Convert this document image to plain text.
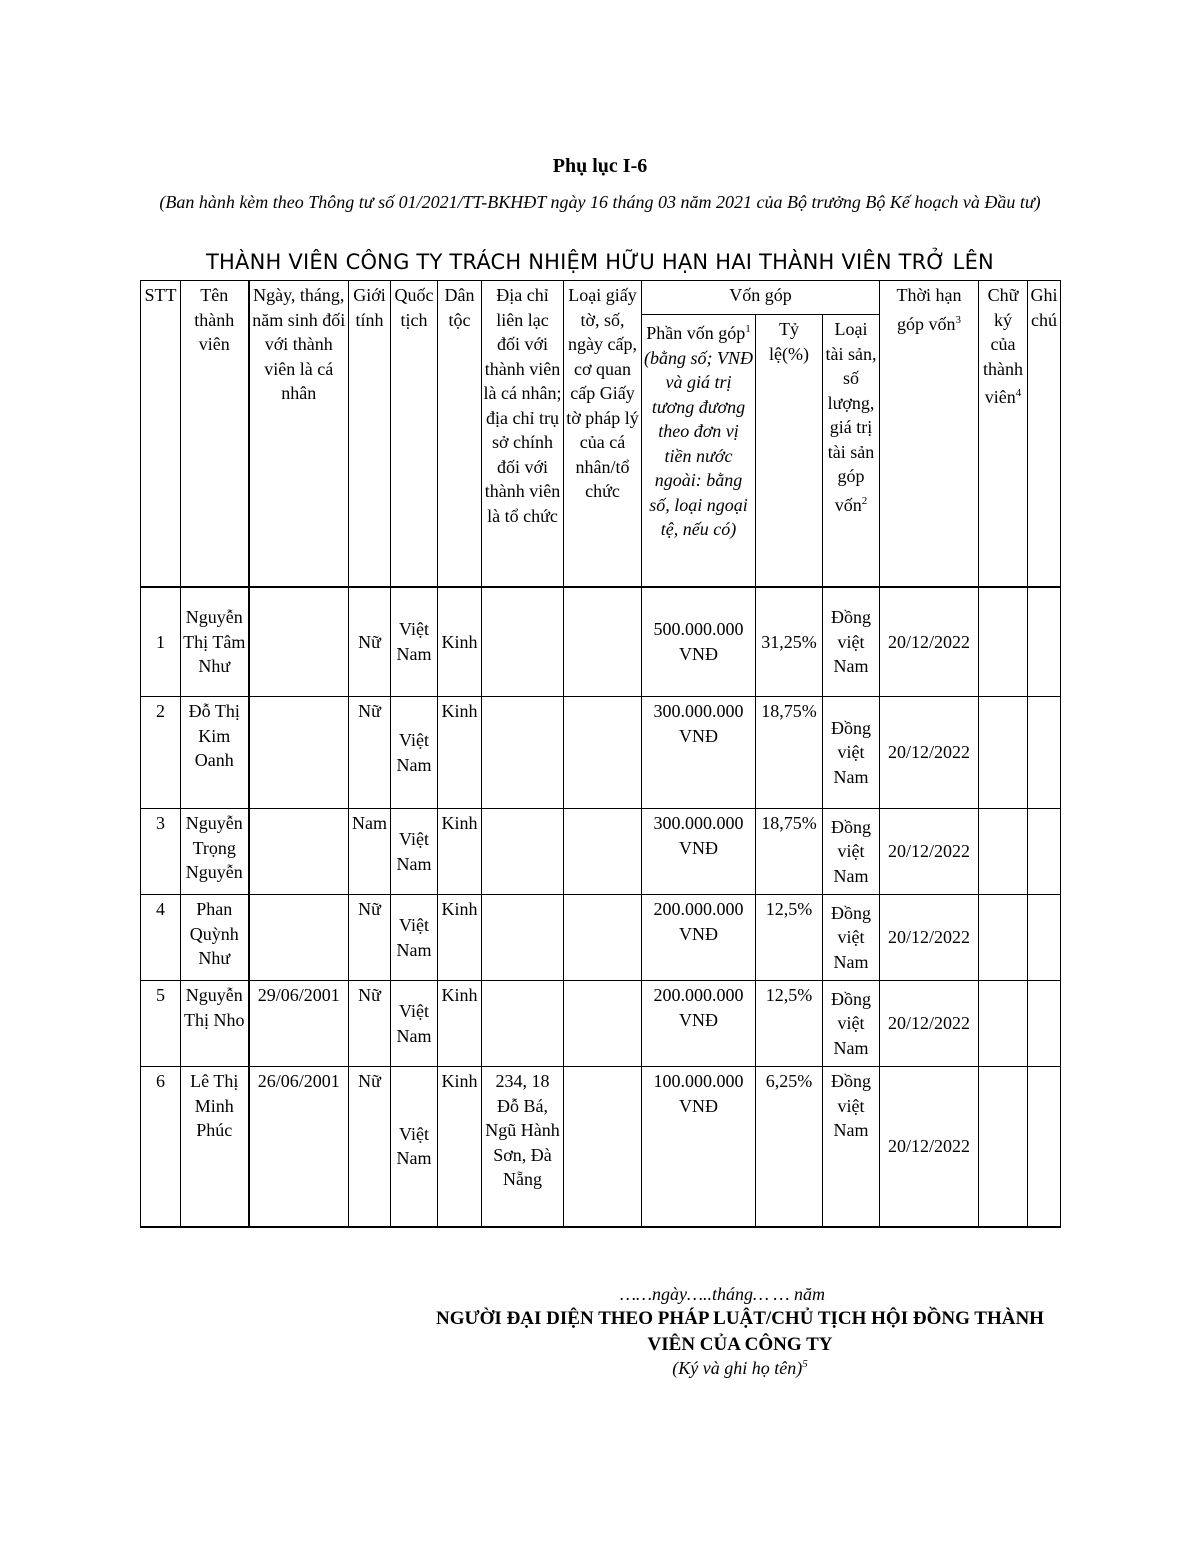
Phụ lục I-6
(Ban hành kèm theo Thông tư số 01/2021/TT-BKHĐT ngày 16 tháng 03 năm 2021 của Bộ trưởng Bộ Kế hoạch và Đầu tư)
THÀNH VIÊN CÔNG TY TRÁCH NHIỆM HỮU HẠN HAI THÀNH VIÊN TRỞ LÊN
STT	Tên thành viên	Ngày, tháng, năm sinh đối với thành viên là cá nhân	Giới tính	Quốc tịch	Dân tộc	Địa chỉ liên lạc đối với thành viên là cá nhân; địa chỉ trụ sở chính đối với thành viên là tổ chức	Loại giấy tờ, số, ngày cấp, cơ quan cấp Giấy tờ pháp lý của cá nhân/tổ chức	Vốn góp			Thời hạn góp vốn$^3$	Chữ ký của thành viên$^4$	Ghi chú
								Phần vốn góp$^1$ (bằng số; VNĐ và giá trị tương đương theo đơn vị tiền nước ngoài: bằng số, loại ngoại tệ, nếu có)	Tỷ lệ(%)	Loại tài sản, số lượng, giá trị tài sản góp vốn$^2$
1	Nguyễn Thị Tâm Như		Nữ	Việt Nam	Kinh			500.000.000 VNĐ	31,25%	Đồng việt Nam	20/12/2022		
2	Đỗ Thị Kim Oanh		Nữ	Việt Nam	Kinh			300.000.000 VNĐ	18,75%	Đồng việt Nam	20/12/2022		
3	Nguyễn Trọng Nguyễn		Nam	Việt Nam	Kinh			300.000.000 VNĐ	18,75%	Đồng việt Nam	20/12/2022		
4	Phan Quỳnh Như		Nữ	Việt Nam	Kinh			200.000.000 VNĐ	12,5%	Đồng việt Nam	20/12/2022		
5	Nguyễn Thị Nho	29/06/2001	Nữ	Việt Nam	Kinh			200.000.000 VNĐ	12,5%	Đồng việt Nam	20/12/2022		
6	Lê Thị Minh Phúc	26/06/2001	Nữ	Việt Nam	Kinh	234, 18 Đỗ Bá, Ngũ Hành Sơn, Đà Nẵng		100.000.000 VNĐ	6,25%	Đồng việt Nam	20/12/2022		
……ngày…..tháng… … năm
NGƯỜI ĐẠI DIỆN THEO PHÁP LUẬT/CHỦ TỊCH HỘI ĐỒNG THÀNH VIÊN CỦA CÔNG TY
(Ký và ghi họ tên)$^5$
